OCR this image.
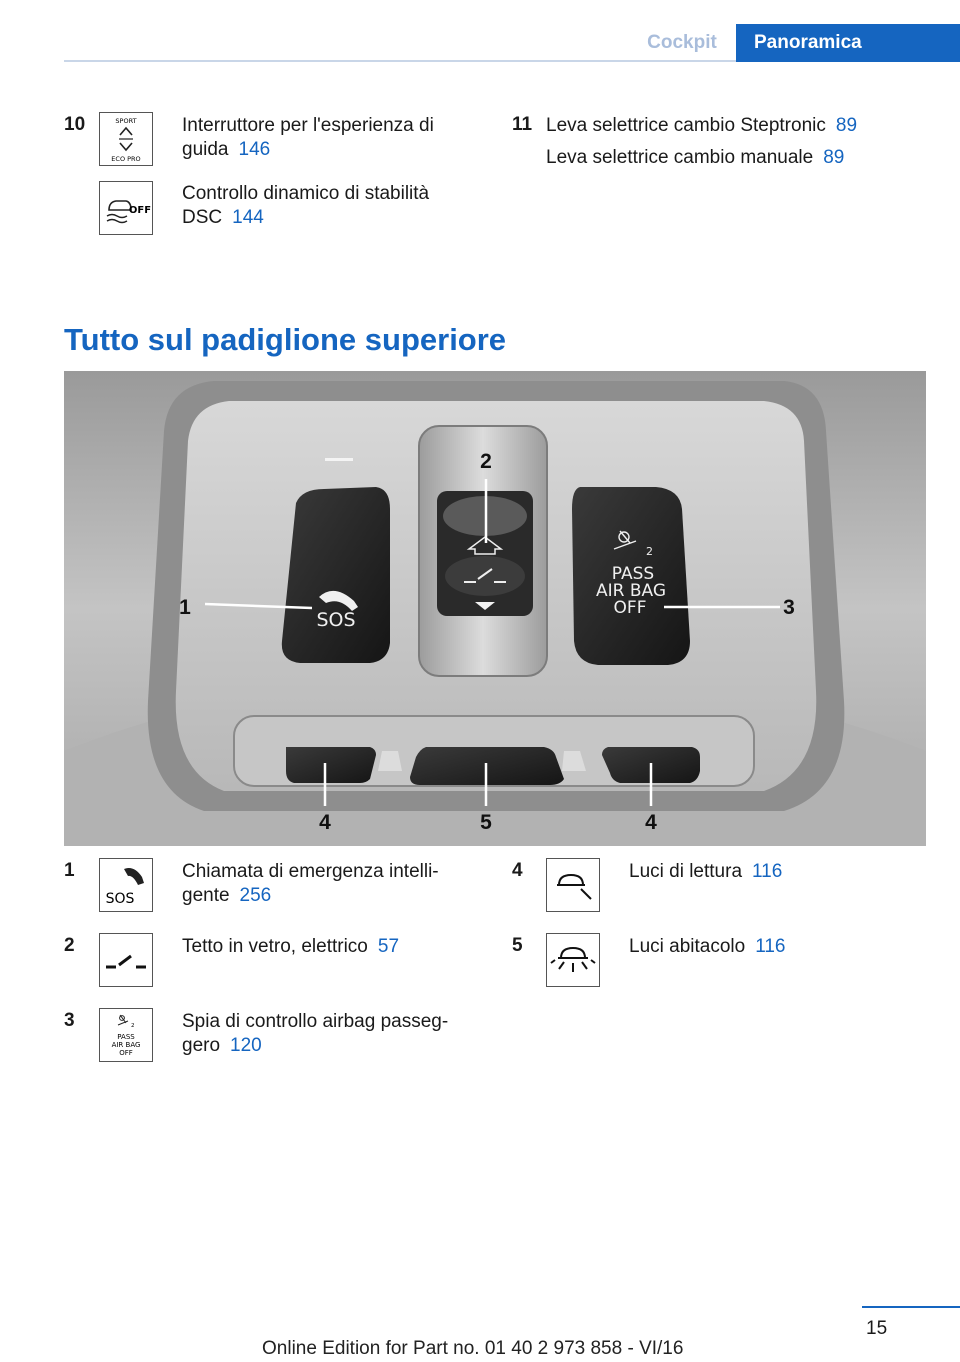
Cockpit	Panoramica
10	SPORT
ECO PRO
Interruttore per l'esperienza di guida 146
OFF
Controllo dinamico di stabilità DSC 144
11 Leva selettrice cambio Steptronic 89
Leva selettrice cambio manuale 89
Tutto sul padiglione superiore
SOS
2
PASS
AIR BAG
OFF
1
2
3
4	5	4
1
SOS
Chiamata di emergenza intelli-
gente 256
2	Tetto in vetro, elettrico 57
3	2
PASS
AIR BAG
OFF
Spia di controllo airbag passeg-
gero 120
4	Luci di lettura 116
5	Luci abitacolo 116
15
Online Edition for Part no. 01 40 2 973 858 - VI/16
